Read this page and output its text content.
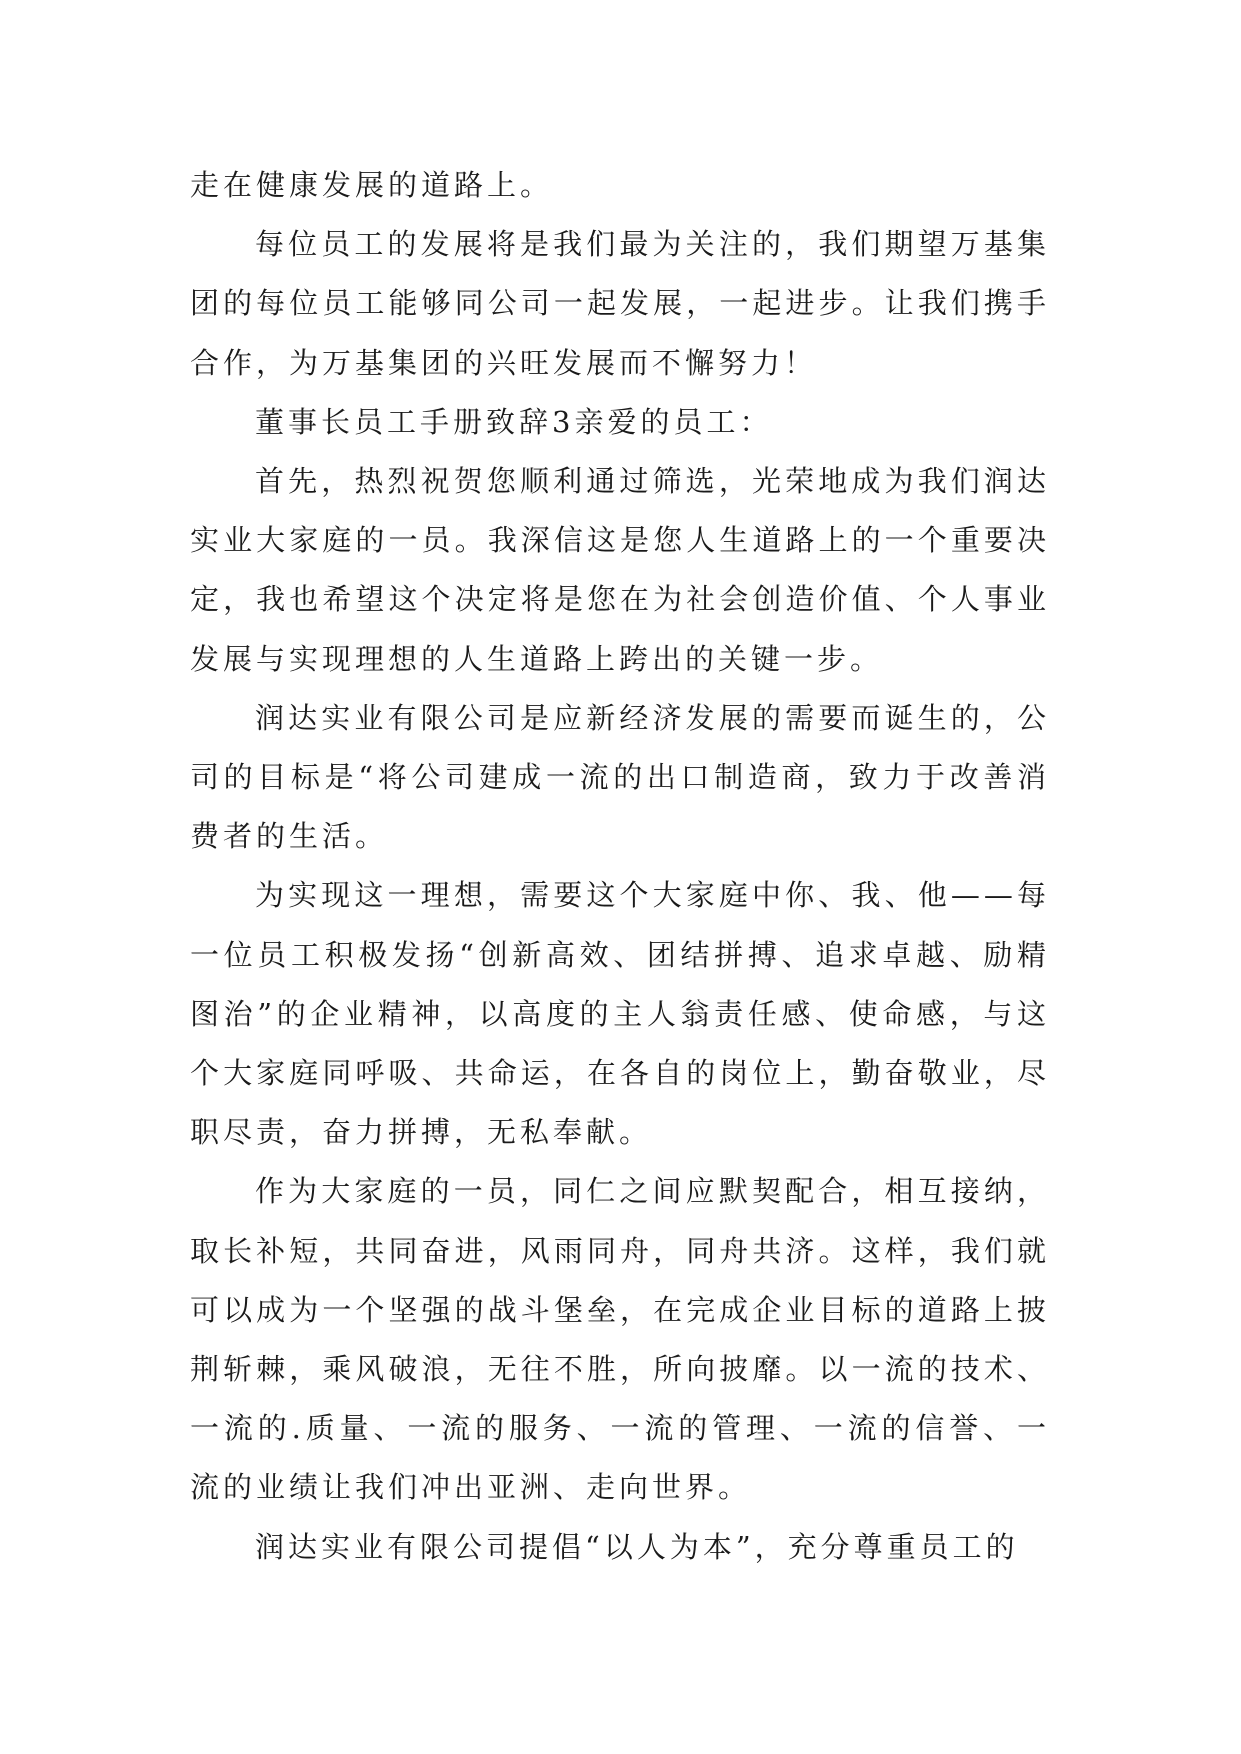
走在健康发展的道路上。

每位员工的发展将是我们最为关注的，我们期望万基集团的每位员工能够同公司一起发展，一起进步。让我们携手合作，为万基集团的兴旺发展而不懈努力！

董事长员工手册致辞3亲爱的员工：

首先，热烈祝贺您顺利通过筛选，光荣地成为我们润达实业大家庭的一员。我深信这是您人生道路上的一个重要决定，我也希望这个决定将是您在为社会创造价值、个人事业发展与实现理想的人生道路上跨出的关键一步。

润达实业有限公司是应新经济发展的需要而诞生的，公司的目标是“将公司建成一流的出口制造商，致力于改善消费者的生活。

为实现这一理想，需要这个大家庭中你、我、他——每一位员工积极发扬“创新高效、团结拼搏、追求卓越、励精图治”的企业精神，以高度的主人翁责任感、使命感，与这个大家庭同呼吸、共命运，在各自的岗位上，勤奋敬业，尽职尽责，奋力拼搏，无私奉献。

作为大家庭的一员，同仁之间应默契配合，相互接纳，取长补短，共同奋进，风雨同舟，同舟共济。这样，我们就可以成为一个坚强的战斗堡垒，在完成企业目标的道路上披荆斩棘，乘风破浪，无往不胜，所向披靡。以一流的技术、一流的.质量、一流的服务、一流的管理、一流的信誉、一流的业绩让我们冲出亚洲、走向世界。

润达实业有限公司提倡“以人为本”，充分尊重员工的
